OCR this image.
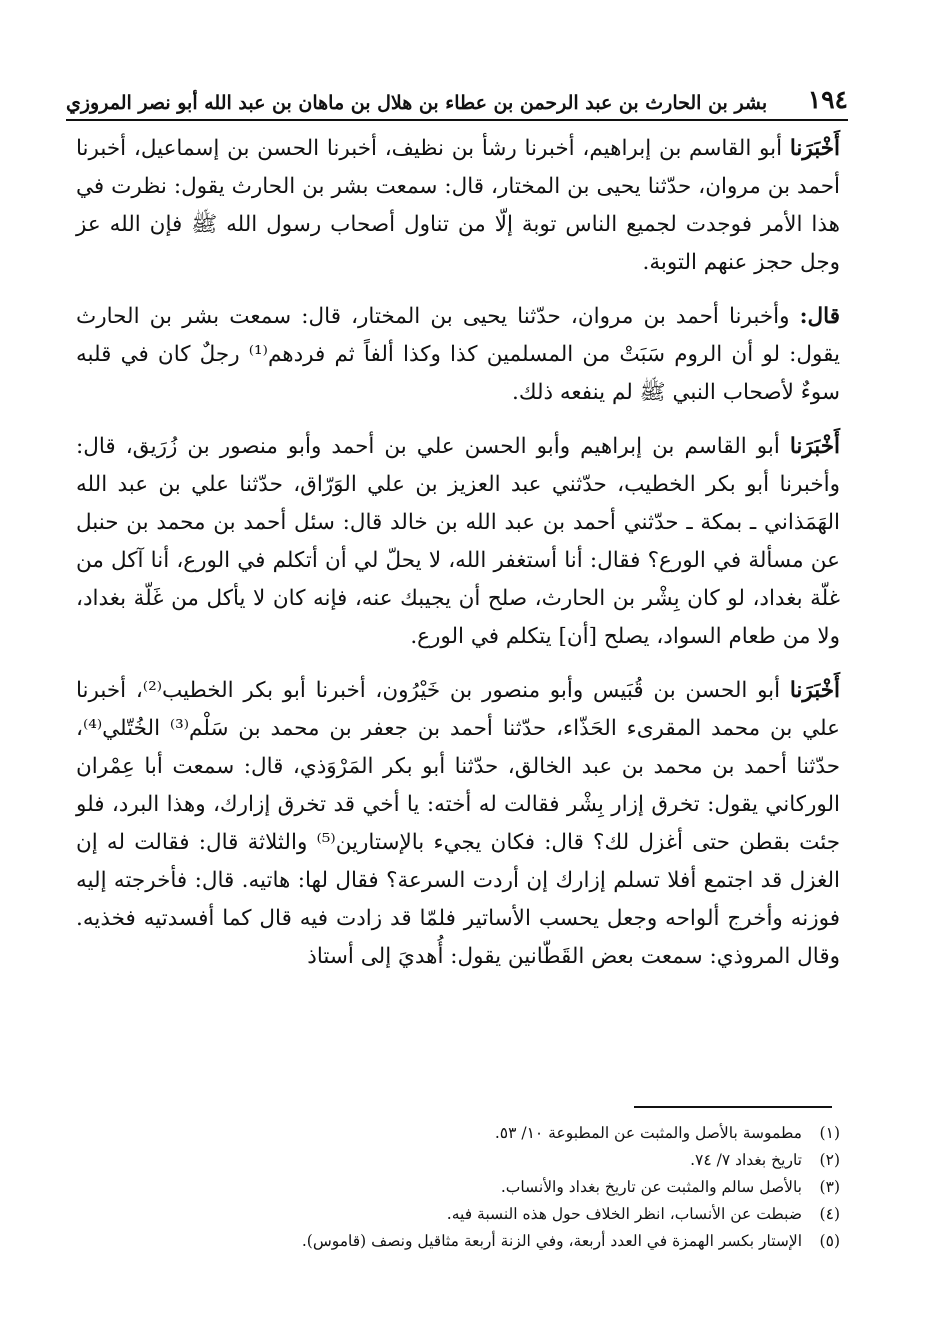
١٩٤
بشر بن الحارث بن عبد الرحمن بن عطاء بن هلال بن ماهان بن عبد الله أبو نصر المروزي

أَخْبَرَنا أبو القاسم بن إبراهيم، أخبرنا رشأ بن نظيف، أخبرنا الحسن بن إسماعيل، أخبرنا أحمد بن مروان، حدّثنا يحيى بن المختار، قال: سمعت بشر بن الحارث يقول: نظرت في هذا الأمر فوجدت لجميع الناس توبة إلّا من تناول أصحاب رسول الله ﷺ فإن الله عز وجل حجز عنهم التوبة.

قال: وأخبرنا أحمد بن مروان، حدّثنا يحيى بن المختار، قال: سمعت بشر بن الحارث يقول: لو أن الروم سَبَتْ من المسلمين كذا وكذا ألفاً ثم فردهم⁽¹⁾ رجلٌ كان في قلبه سوءٌ لأصحاب النبي ﷺ لم ينفعه ذلك.

أَخْبَرَنا أبو القاسم بن إبراهيم وأبو الحسن علي بن أحمد وأبو منصور بن زُرَيق، قال: وأخبرنا أبو بكر الخطيب، حدّثني عبد العزيز بن علي الوَرّاق، حدّثنا علي بن عبد الله الهَمَذاني ـ بمكة ـ حدّثني أحمد بن عبد الله بن خالد قال: سئل أحمد بن محمد بن حنبل عن مسألة في الورع؟ فقال: أنا أستغفر الله، لا يحلّ لي أن أتكلم في الورع، أنا آكل من غلّة بغداد، لو كان بِشْر بن الحارث، صلح أن يجيبك عنه، فإنه كان لا يأكل من غَلّة بغداد، ولا من طعام السواد، يصلح [أن] يتكلم في الورع.

أَخْبَرَنا أبو الحسن بن قُبَيس وأبو منصور بن خَيْرُون، أخبرنا أبو بكر الخطيب⁽²⁾، أخبرنا علي بن محمد المقرىء الحَذّاء، حدّثنا أحمد بن جعفر بن محمد بن سَلْم⁽³⁾ الخُتّلي⁽⁴⁾، حدّثنا أحمد بن محمد بن عبد الخالق، حدّثنا أبو بكر المَرْوَذي، قال: سمعت أبا عِمْران الوركاني يقول: تخرق إزار بِشْر فقالت له أخته: يا أخي قد تخرق إزارك، وهذا البرد، فلو جئت بقطن حتى أغزل لك؟ قال: فكان يجيء بالإستارين⁽⁵⁾ والثلاثة قال: فقالت له إن الغزل قد اجتمع أفلا تسلم إزارك إن أردت السرعة؟ فقال لها: هاتيه. قال: فأخرجته إليه فوزنه وأخرج ألواحه وجعل يحسب الأساتير فلمّا قد زادت فيه قال كما أفسدتيه فخذيه. وقال المروذي: سمعت بعض القَطّانين يقول: أُهديَ إلى أستاذ

(١)
مطموسة بالأصل والمثبت عن المطبوعة ١٠/ ٥٣.
(٢)
تاريخ بغداد ٧/ ٧٤.
(٣)
بالأصل سالم والمثبت عن تاريخ بغداد والأنساب.
(٤)
ضبطت عن الأنساب، انظر الخلاف حول هذه النسبة فيه.
(٥)
الإستار بكسر الهمزة في العدد أربعة، وفي الزنة أربعة مثاقيل ونصف (قاموس).
